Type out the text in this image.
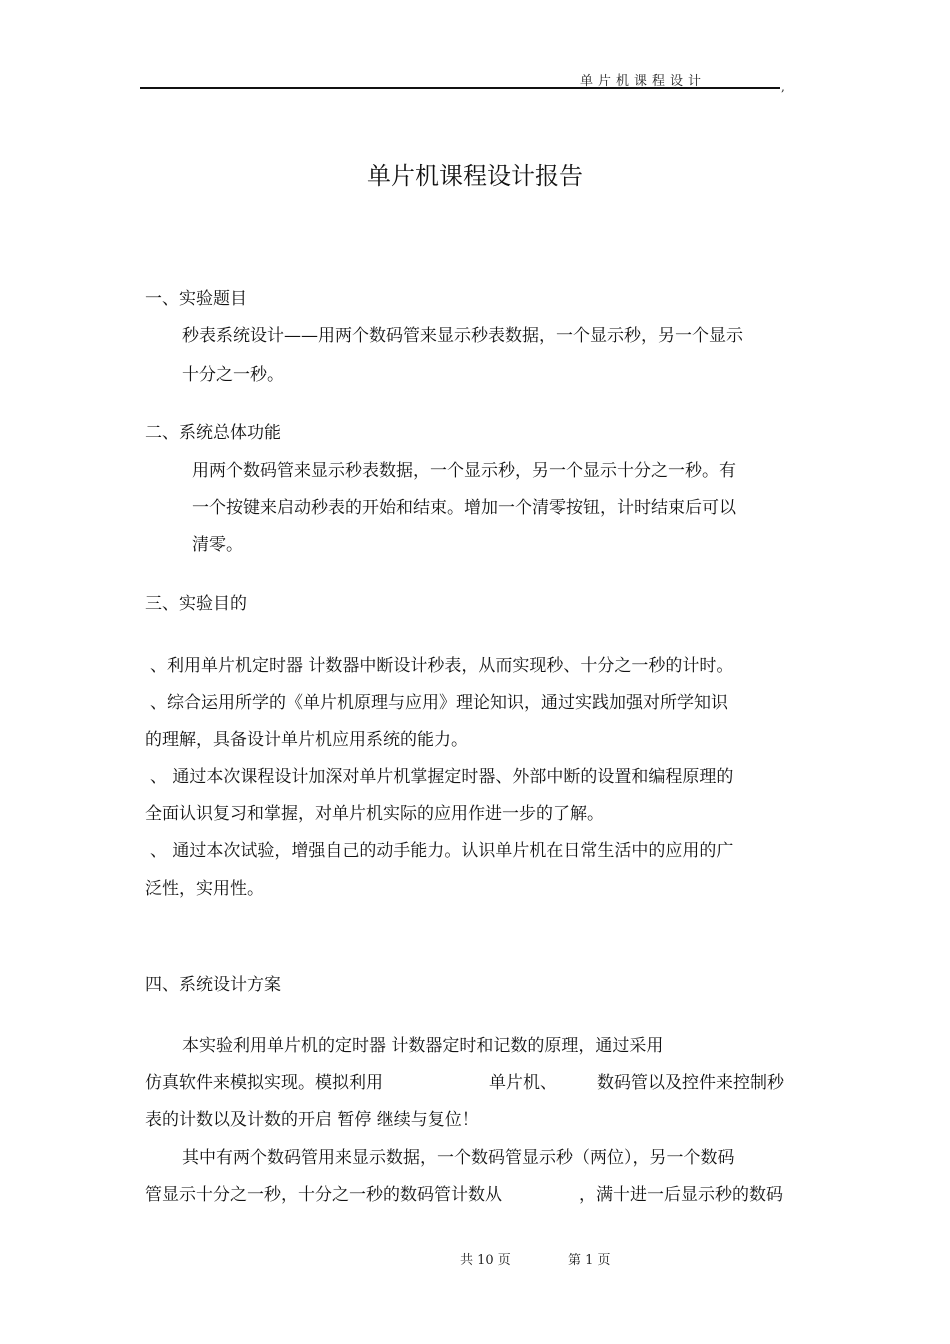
单片机课程设计	,
单片机课程设计报告
一、实验题目
秒表系统设计——用两个数码管来显示秒表数据，一个显示秒，另一个显示
十分之一秒。
二、系统总体功能
用两个数码管来显示秒表数据，一个显示秒，另一个显示十分之一秒。有
一个按键来启动秒表的开始和结束。增加一个清零按钮，计时结束后可以
清零。
三、实验目的
、利用单片机定时器 计数器中断设计秒表，从而实现秒、十分之一秒的计时。
、综合运用所学的《单片机原理与应用》理论知识，通过实践加强对所学知识
的理解，具备设计单片机应用系统的能力。
、 通过本次课程设计加深对单片机掌握定时器、外部中断的设置和编程原理的
全面认识复习和掌握，对单片机实际的应用作进一步的了解。
、 通过本次试验，增强自己的动手能力。认识单片机在日常生活中的应用的广
泛性，实用性。
四、系统设计方案
本实验利用单片机的定时器 计数器定时和记数的原理，通过采用
仿真软件来模拟实现。模拟利用	单片机、 数码管以及控件来控制秒
表的计数以及计数的开启 暂停 继续与复位！
其中有两个数码管用来显示数据，一个数码管显示秒（两位），另一个数码
管显示十分之一秒，十分之一秒的数码管计数从	，满十进一后显示秒的数码
共 10 页	第 1 页
